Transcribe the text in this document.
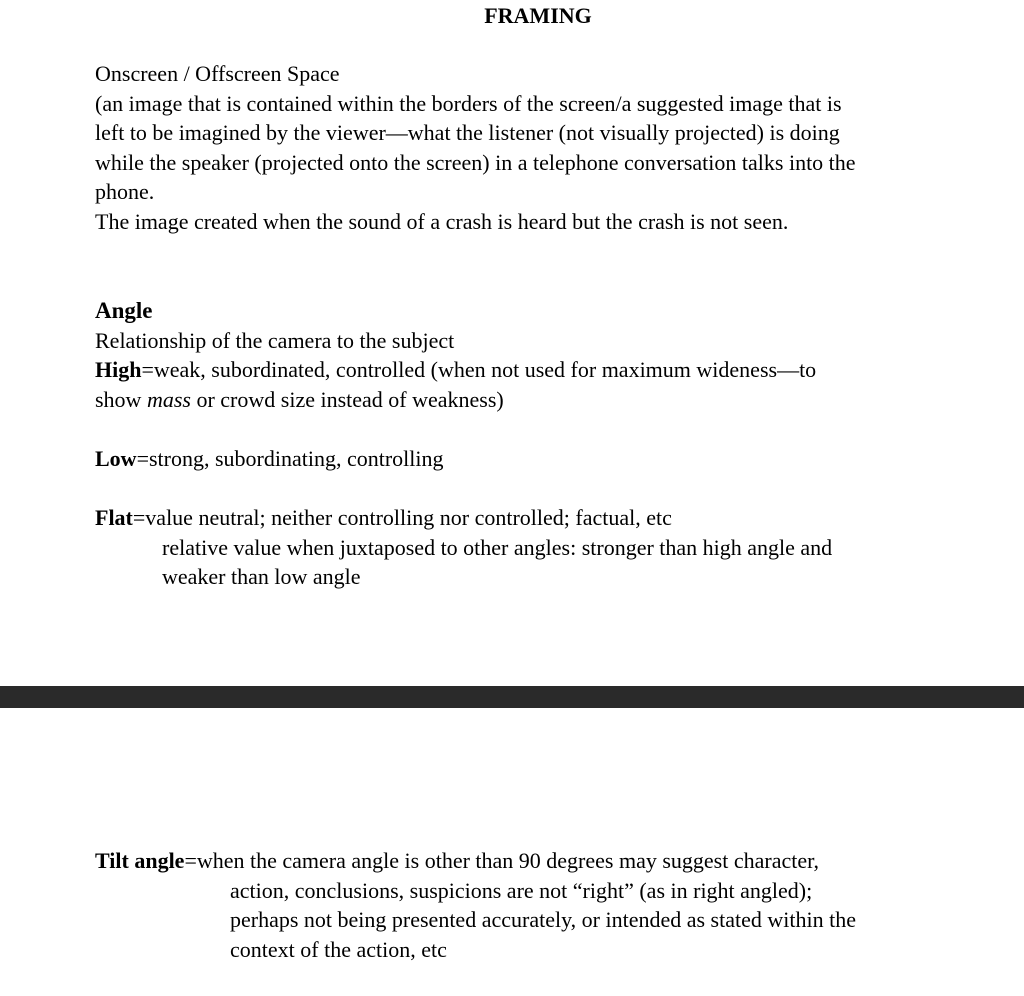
FRAMING
Onscreen / Offscreen Space
(an image that is contained within the borders of the screen/a suggested image that is
left to be imagined by the viewer—what the listener (not visually projected) is doing
while the speaker (projected onto the screen) in a telephone conversation talks into the
phone.
The image created when the sound of a crash is heard but the crash is not seen.
Angle
Relationship of the camera to the subject
High=weak, subordinated, controlled (when not used for maximum wideness—to
show mass or crowd size instead of weakness)
Low=strong, subordinating, controlling
Flat=value neutral; neither controlling nor controlled; factual, etc
relative value when juxtaposed to other angles: stronger than high angle and
weaker than low angle
Tilt angle=when the camera angle is other than 90 degrees may suggest character,
action, conclusions, suspicions are not “right” (as in right angled);
perhaps not being presented accurately, or intended as stated within the
context of the action, etc
